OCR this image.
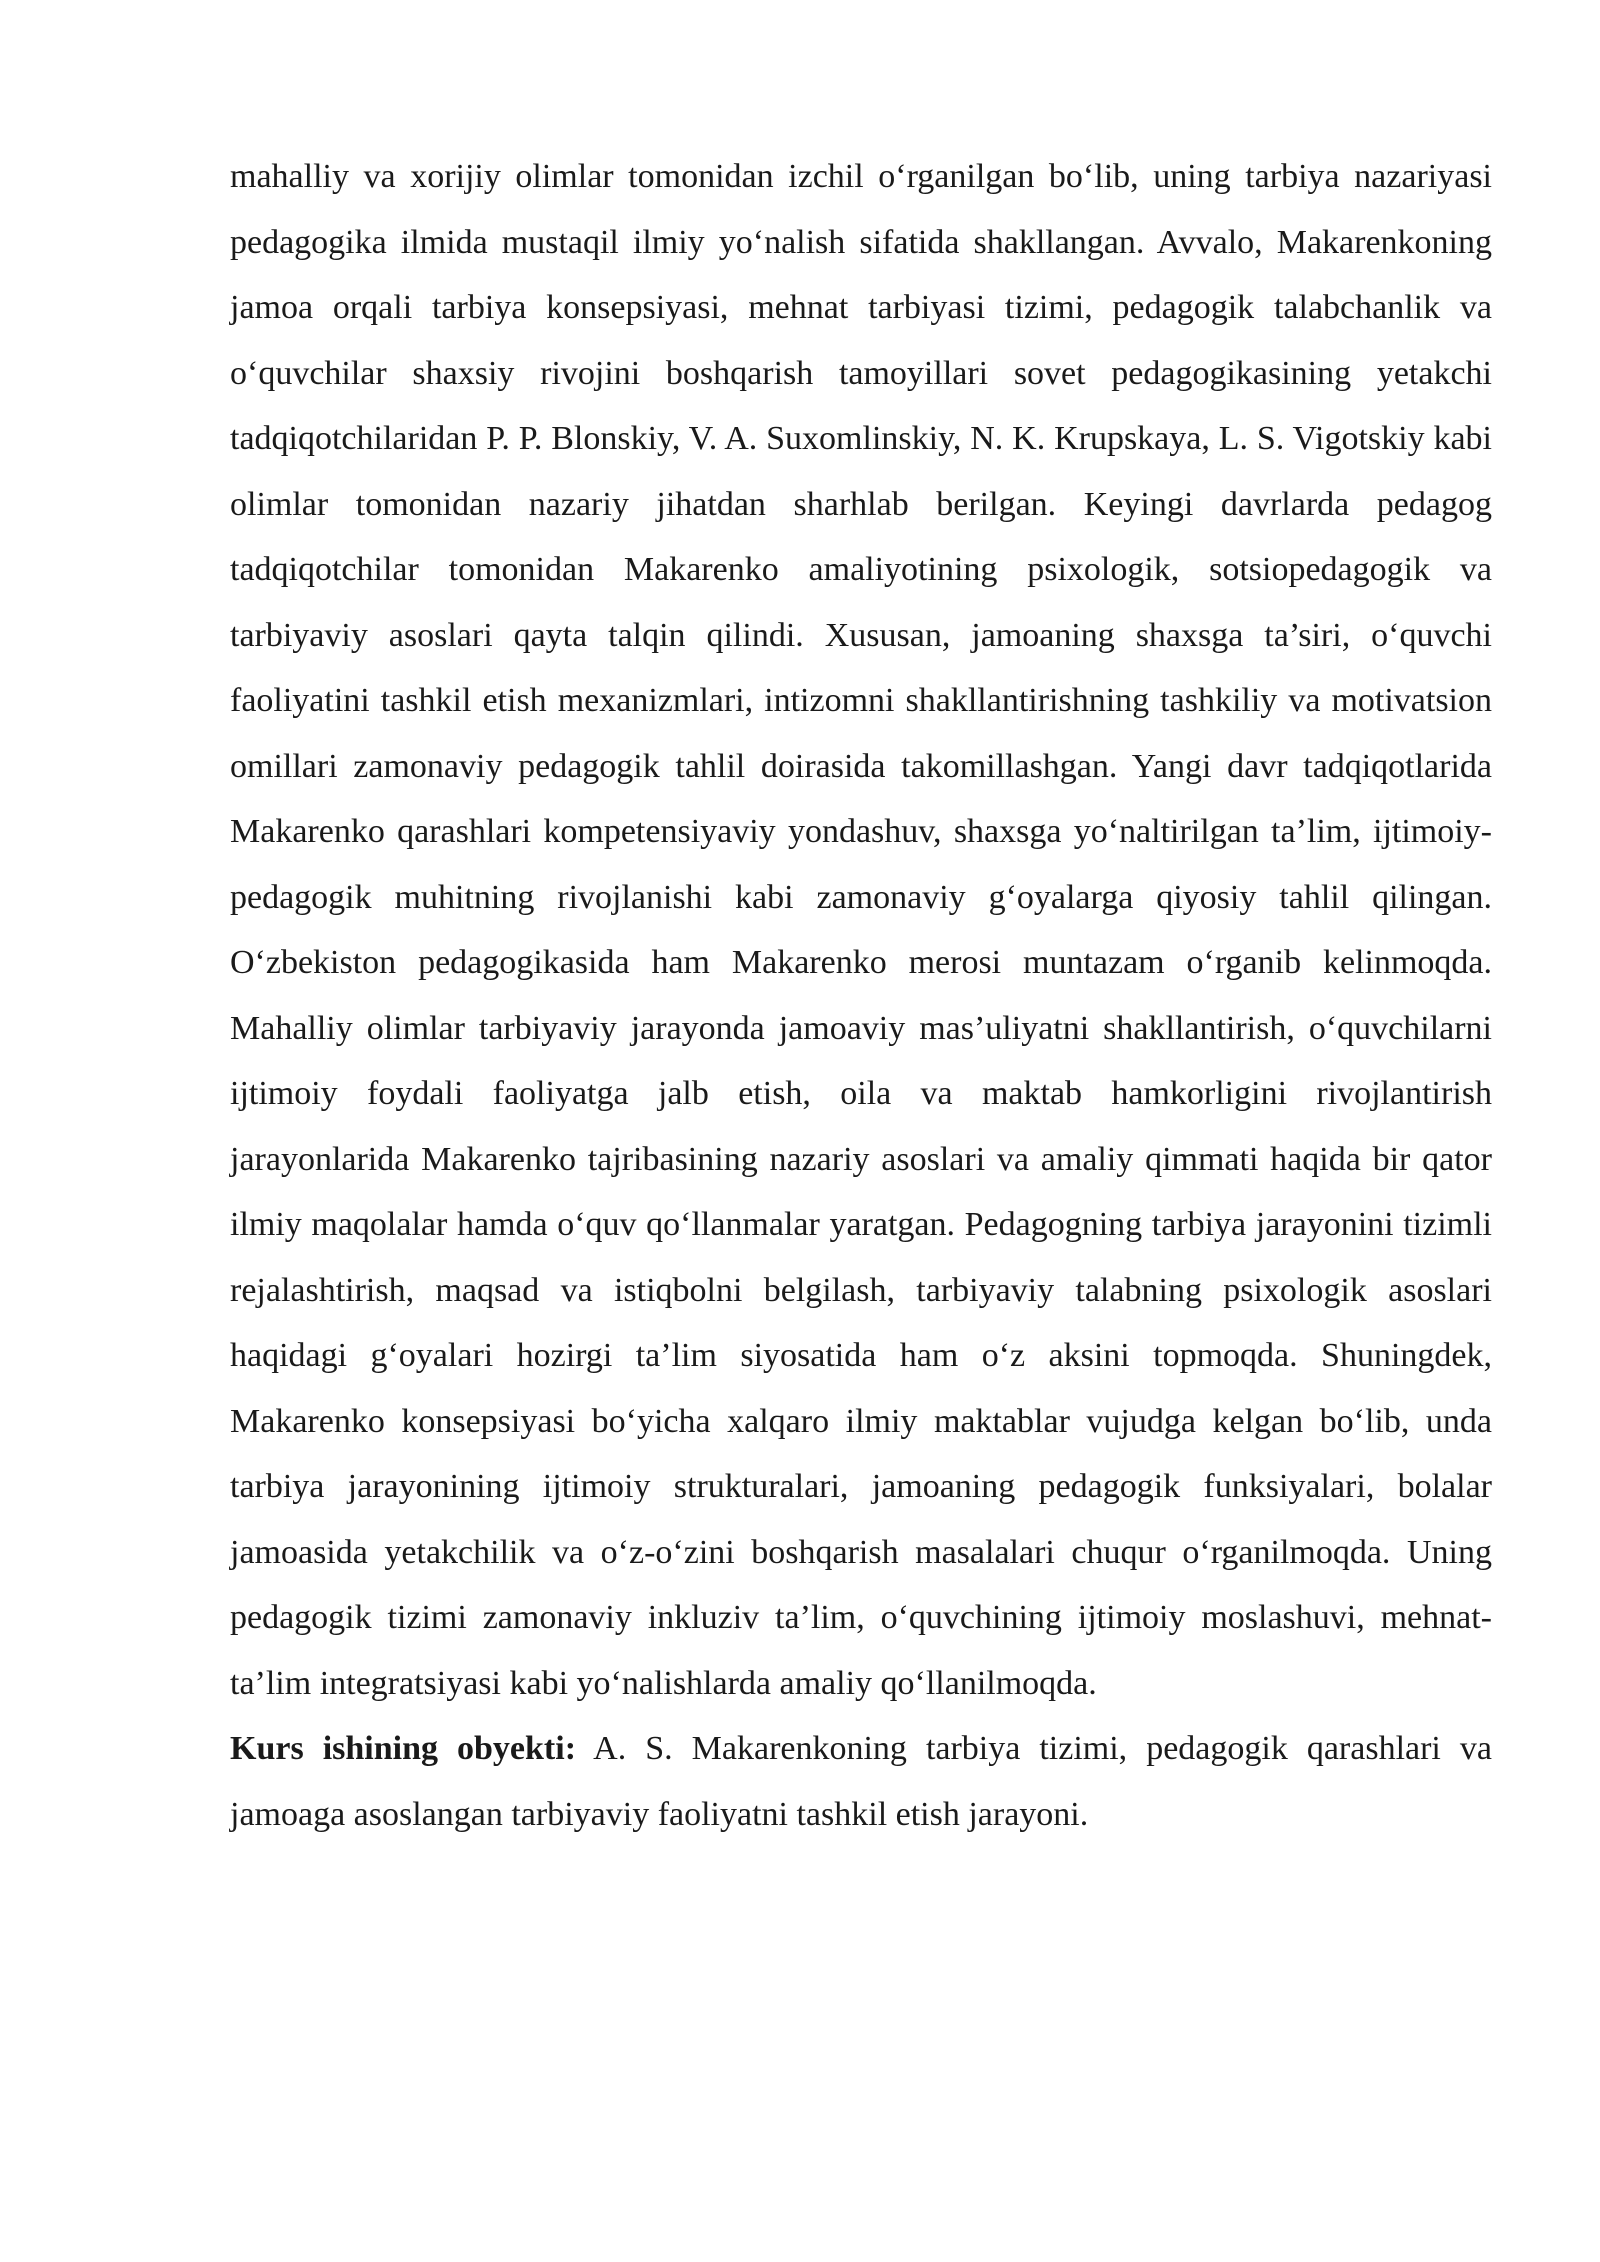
mahalliy va xorijiy olimlar tomonidan izchil o‘rganilgan bo‘lib, uning tarbiya nazariyasi pedagogika ilmida mustaqil ilmiy yo‘nalish sifatida shakllangan. Avvalo, Makarenkoning jamoa orqali tarbiya konsepsiyasi, mehnat tarbiyasi tizimi, pedagogik talabchanlik va o‘quvchilar shaxsiy rivojini boshqarish tamoyillari sovet pedagogikasining yetakchi tadqiqotchilaridan P. P. Blonskiy, V. A. Suxomlinskiy, N. K. Krupskaya, L. S. Vigotskiy kabi olimlar tomonidan nazariy jihatdan sharhlab berilgan. Keyingi davrlarda pedagog tadqiqotchilar tomonidan Makarenko amaliyotining psixologik, sotsiopedagogik va tarbiyaviy asoslari qayta talqin qilindi. Xususan, jamoaning shaxsga ta’siri, o‘quvchi faoliyatini tashkil etish mexanizmlari, intizomni shakllantirishning tashkiliy va motivatsion omillari zamonaviy pedagogik tahlil doirasida takomillashgan. Yangi davr tadqiqotlarida Makarenko qarashlari kompetensiyaviy yondashuv, shaxsga yo‘naltirilgan ta’lim, ijtimoiy-pedagogik muhitning rivojlanishi kabi zamonaviy g‘oyalarga qiyosiy tahlil qilingan. O‘zbekiston pedagogikasida ham Makarenko merosi muntazam o‘rganib kelinmoqda. Mahalliy olimlar tarbiyaviy jarayonda jamoaviy mas’uliyatni shakllantirish, o‘quvchilarni ijtimoiy foydali faoliyatga jalb etish, oila va maktab hamkorligini rivojlantirish jarayonlarida Makarenko tajribasining nazariy asoslari va amaliy qimmati haqida bir qator ilmiy maqolalar hamda o‘quv qo‘llanmalar yaratgan. Pedagogning tarbiya jarayonini tizimli rejalashtirish, maqsad va istiqbolni belgilash, tarbiyaviy talabning psixologik asoslari haqidagi g‘oyalari hozirgi ta’lim siyosatida ham o‘z aksini topmoqda. Shuningdek, Makarenko konsepsiyasi bo‘yicha xalqaro ilmiy maktablar vujudga kelgan bo‘lib, unda tarbiya jarayonining ijtimoiy strukturalari, jamoaning pedagogik funksiyalari, bolalar jamoasida yetakchilik va o‘z-o‘zini boshqarish masalalari chuqur o‘rganilmoqda. Uning pedagogik tizimi zamonaviy inkluziv ta’lim, o‘quvchining ijtimoiy moslashuvi, mehnat-ta’lim integratsiyasi kabi yo‘nalishlarda amaliy qo‘llanilmoqda.

Kurs ishining obyekti: A. S. Makarenkoning tarbiya tizimi, pedagogik qarashlari va jamoaga asoslangan tarbiyaviy faoliyatni tashkil etish jarayoni.
